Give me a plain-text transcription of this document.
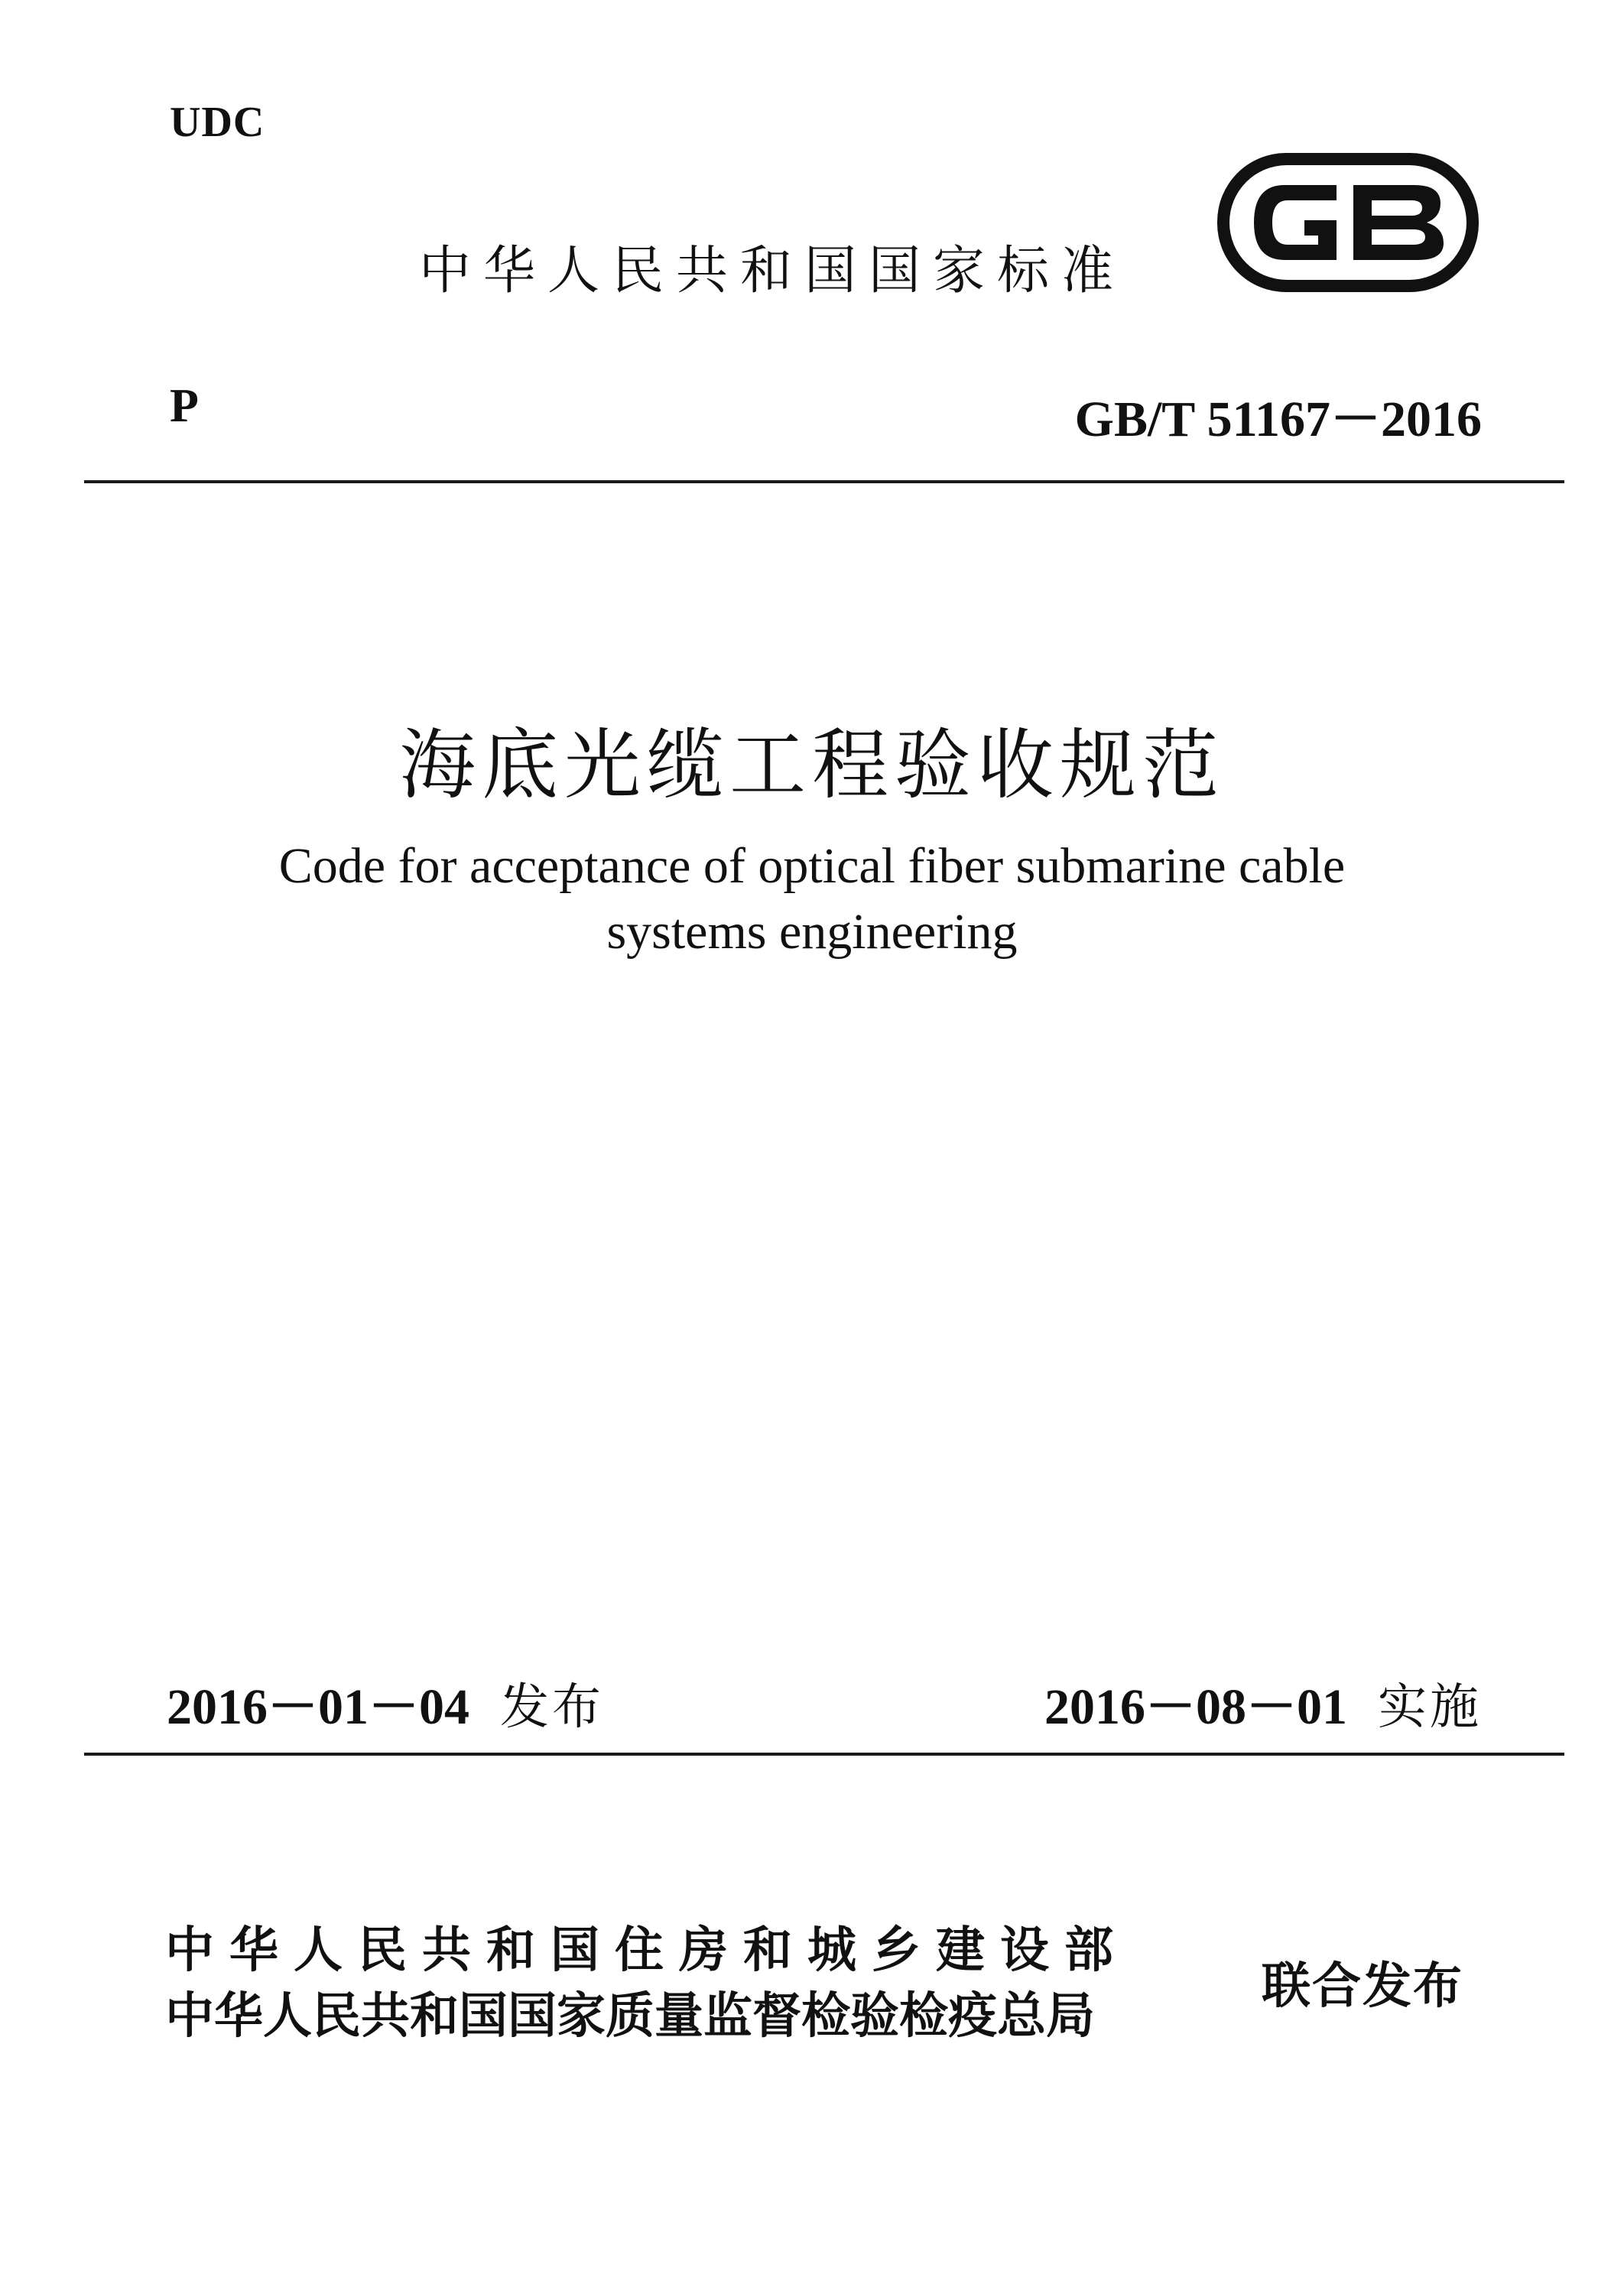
UDC
中华人民共和国国家标准
P	GB/T 51167－2016
海底光缆工程验收规范
Code for acceptance of optical fiber submarine cable
systems engineering
2016－01－04 发布	2016－08－01 实施
中华人民共和国住房和城乡建设部
中华人民共和国国家质量监督检验检疫总局
联合发布
